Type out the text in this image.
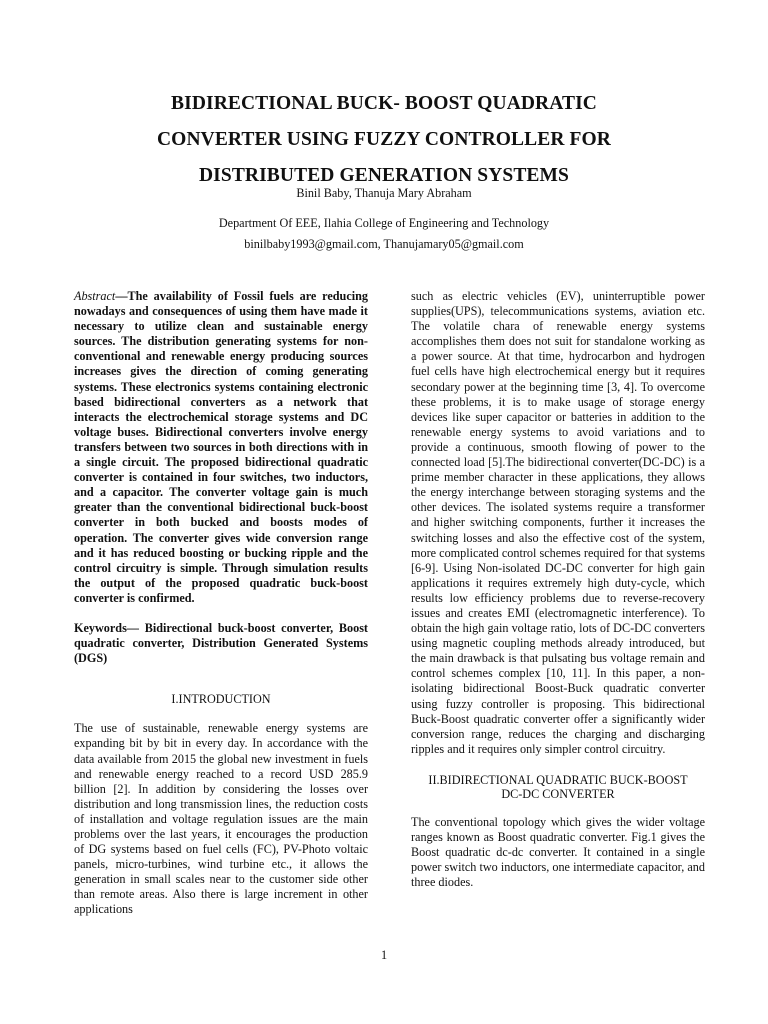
BIDIRECTIONAL BUCK- BOOST QUADRATIC
CONVERTER USING FUZZY CONTROLLER FOR
DISTRIBUTED GENERATION SYSTEMS
Binil Baby, Thanuja Mary Abraham
Department Of EEE, Ilahia College of Engineering and Technology
binilbaby1993@gmail.com, Thanujamary05@gmail.com

Abstract—The availability of Fossil fuels are reducing nowadays and consequences of using them have made it necessary to utilize clean and sustainable energy sources. The distribution generating systems for non-conventional and renewable energy producing sources increases gives the direction of coming generating systems. These electronics systems containing electronic based bidirectional converters as a network that interacts the electrochemical storage systems and DC voltage buses. Bidirectional converters involve energy transfers between two sources in both directions with in a single circuit. The proposed bidirectional quadratic converter is contained in four switches, two inductors, and a capacitor. The converter voltage gain is much greater than the conventional bidirectional buck-boost converter in both bucked and boosts modes of operation. The converter gives wide conversion range and it has reduced boosting or bucking ripple and the control circuitry is simple. Through simulation results the output of the proposed quadratic buck-boost converter is confirmed.

Keywords— Bidirectional buck-boost converter, Boost quadratic converter, Distribution Generated Systems (DGS)

I.INTRODUCTION

The use of sustainable, renewable energy systems are expanding bit by bit in every day. In accordance with the data available from 2015 the global new investment in fuels and renewable energy reached to a record USD 285.9 billion [2]. In addition by considering the losses over distribution and long transmission lines, the reduction costs of installation and voltage regulation issues are the main problems over the last years, it encourages the production of DG systems based on fuel cells (FC), PV-Photo voltaic panels, micro-turbines, wind turbine etc., it allows the generation in small scales near to the customer side other than remote areas. Also there is large increment in other applications

such as electric vehicles (EV), uninterruptible power supplies(UPS), telecommunications systems, aviation etc. The volatile chara of renewable energy systems accomplishes them does not suit for standalone working as a power source. At that time, hydrocarbon and hydrogen fuel cells have high electrochemical energy but it requires secondary power at the beginning time [3, 4]. To overcome these problems, it is to make usage of storage energy devices like super capacitor or batteries in addition to the renewable energy systems to avoid variations and to provide a continuous, smooth flowing of power to the connected load [5].The bidirectional converter(DC-DC) is a prime member character in these applications, they allows the energy interchange between storaging systems and the other devices. The isolated systems require a transformer and higher switching components, further it increases the switching losses and also the effective cost of the system, more complicated control schemes required for that systems [6-9]. Using Non-isolated DC-DC converter for high gain applications it requires extremely high duty-cycle, which results low efficiency problems due to reverse-recovery issues and creates EMI (electromagnetic interference). To obtain the high gain voltage ratio, lots of DC-DC converters using magnetic coupling methods already introduced, but the main drawback is that pulsating bus voltage remain and control schemes complex [10, 11]. In this paper, a non-isolating bidirectional Boost-Buck quadratic converter using fuzzy controller is proposing. This bidirectional Buck-Boost quadratic converter offer a significantly wider conversion range, reduces the charging and discharging ripples and it requires only simpler control circuitry.

II.BIDIRECTIONAL QUADRATIC BUCK-BOOST
DC-DC CONVERTER

The conventional topology which gives the wider voltage ranges known as Boost quadratic converter. Fig.1 gives the Boost quadratic dc-dc converter. It contained in a single power switch two inductors, one intermediate capacitor, and three diodes.

1
